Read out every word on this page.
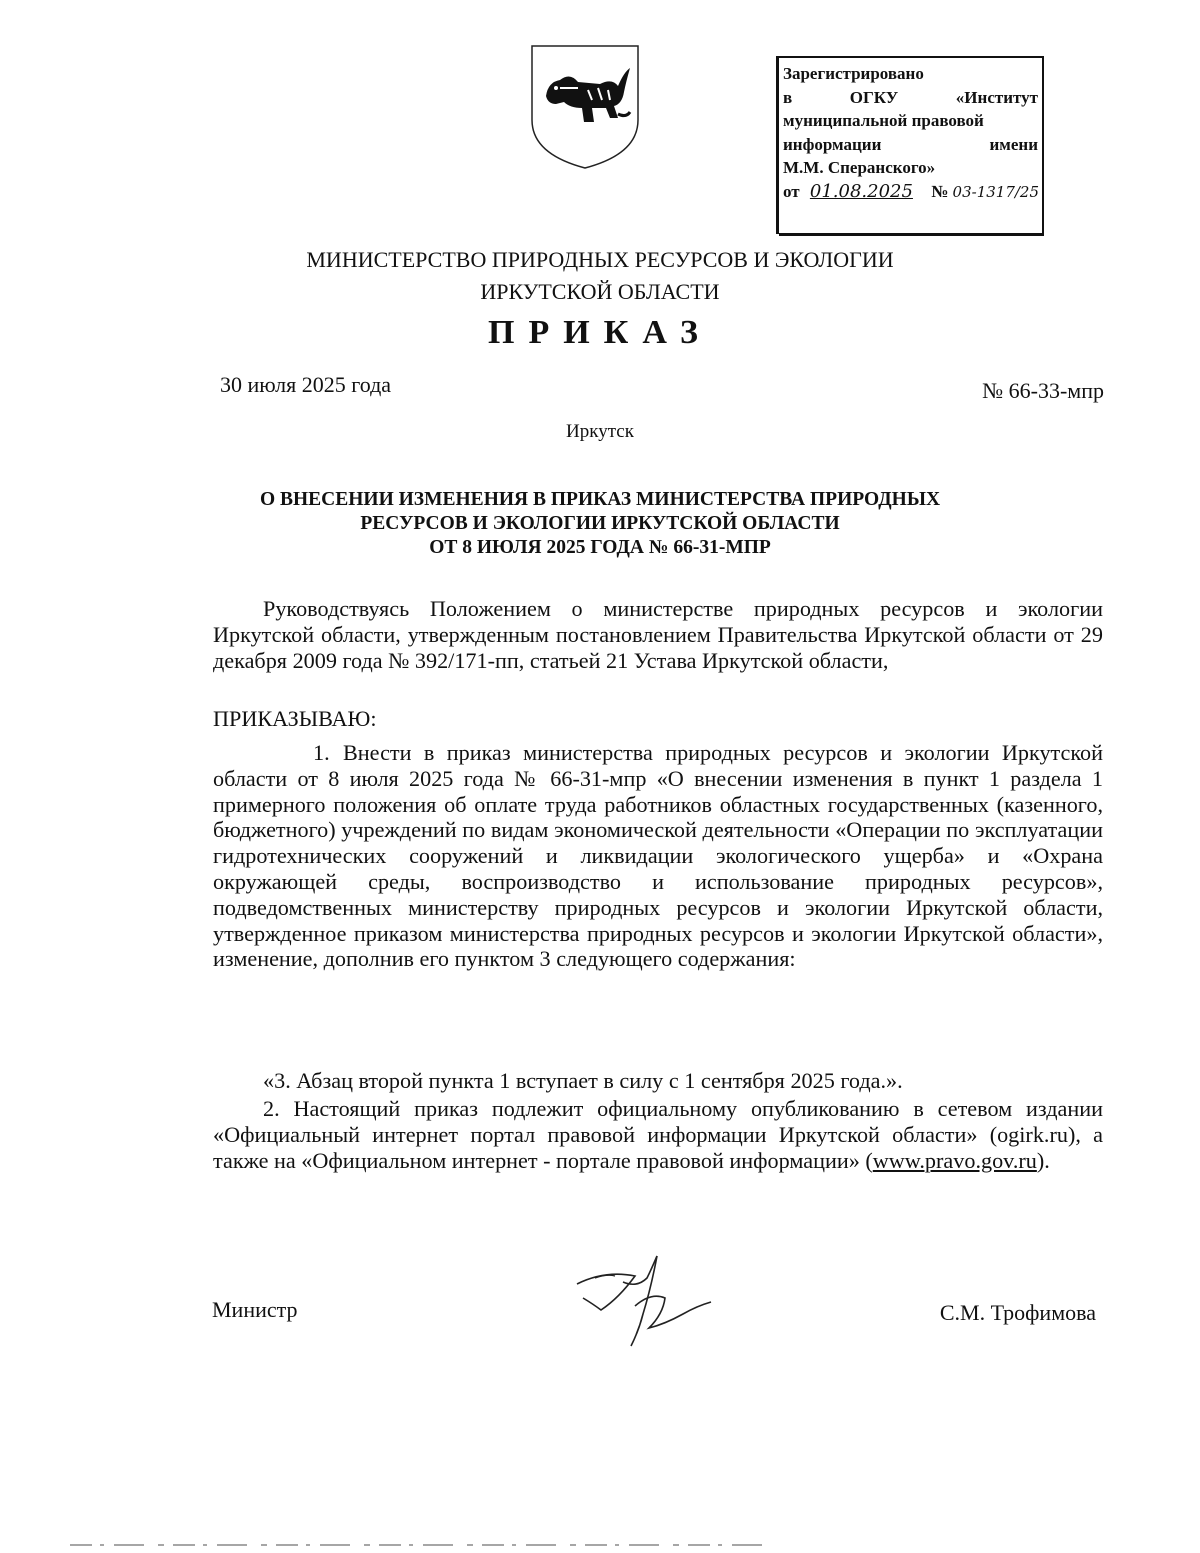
Зарегистрировано
в	ОГКУ	«Институт
муниципальной правовой
информации	имени
М.М. Сперанского»
от 01.08.2025 № 03-1317/25
МИНИСТЕРСТВО ПРИРОДНЫХ РЕСУРСОВ И ЭКОЛОГИИ
ИРКУТСКОЙ ОБЛАСТИ
ПРИКАЗ
30 июля 2025 года	№ 66-33-мпр
Иркутск
О ВНЕСЕНИИ ИЗМЕНЕНИЯ В ПРИКАЗ МИНИСТЕРСТВА ПРИРОДНЫХ
РЕСУРСОВ И ЭКОЛОГИИ ИРКУТСКОЙ ОБЛАСТИ
ОТ 8 ИЮЛЯ 2025 ГОДА № 66-31-МПР
Руководствуясь Положением о министерстве природных ресурсов и экологии Иркутской области, утвержденным постановлением Правительства Иркутской области от 29 декабря 2009 года № 392/171-пп, статьей 21 Устава Иркутской области,
ПРИКАЗЫВАЮ:
1. Внести в приказ министерства природных ресурсов и экологии Иркутской области от 8 июля 2025 года № 66-31-мпр «О внесении изменения в пункт 1 раздела 1 примерного положения об оплате труда работников областных государственных (казенного, бюджетного) учреждений по видам экономической деятельности «Операции по эксплуатации гидротехнических сооружений и ликвидации экологического ущерба» и «Охрана окружающей среды, воспроизводство и использование природных ресурсов», подведомственных министерству природных ресурсов и экологии Иркутской области, утвержденное приказом министерства природных ресурсов и экологии Иркутской области», изменение, дополнив его пунктом 3 следующего содержания:
«3. Абзац второй пункта 1 вступает в силу с 1 сентября 2025 года.».
2. Настоящий приказ подлежит официальному опубликованию в сетевом издании «Официальный интернет портал правовой информации Иркутской области» (ogirk.ru), а также на «Официальном интернет - портале правовой информации» (www.pravo.gov.ru).
Министр	С.М. Трофимова
